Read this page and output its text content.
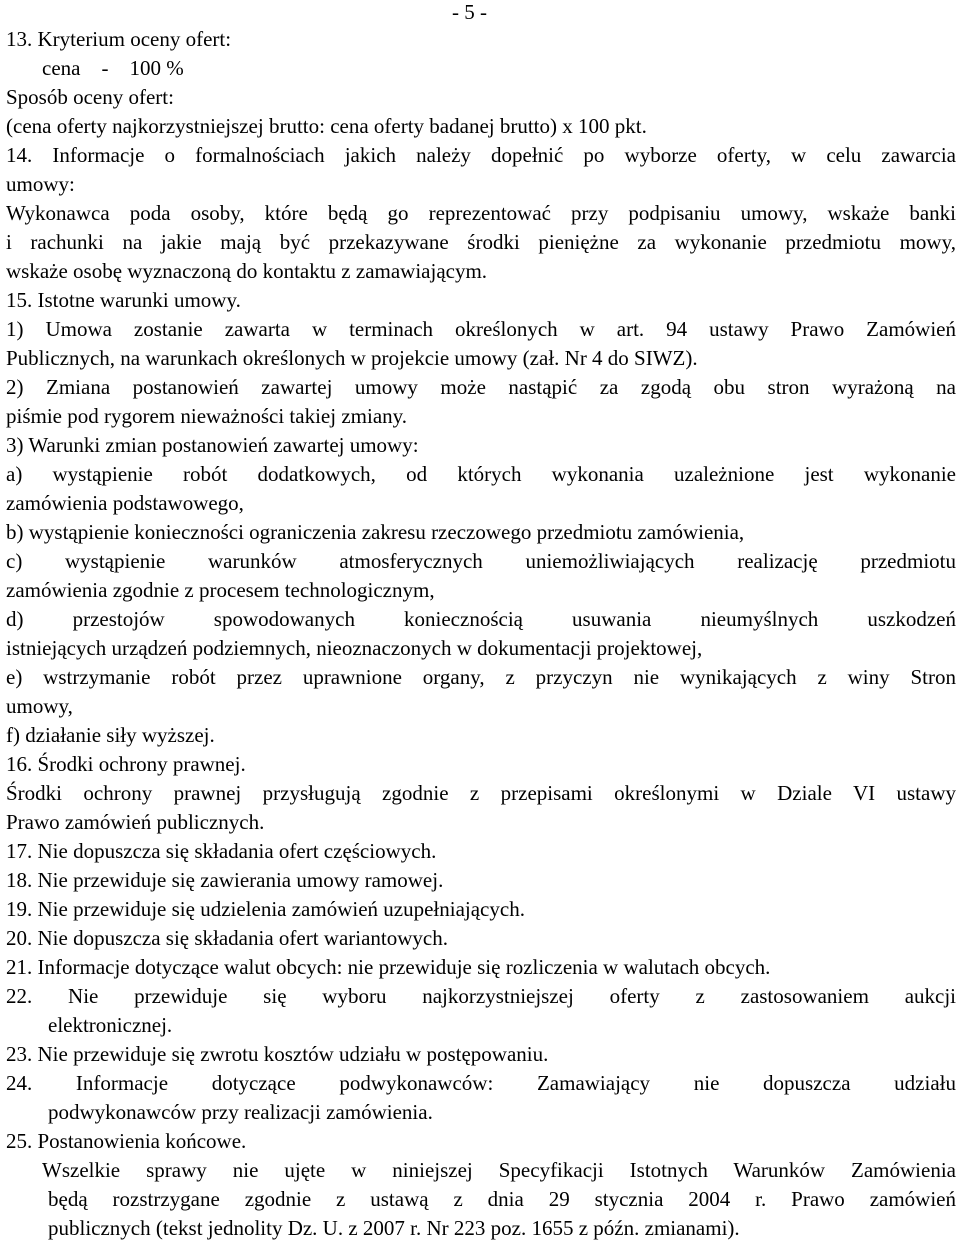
- 5 -

13. Kryterium oceny ofert:

cena    -    100 %

Sposób oceny ofert:

(cena oferty najkorzystniejszej brutto: cena oferty badanej brutto) x 100 pkt.

14. Informacje o formalnościach jakich należy dopełnić po wyborze oferty, w celu zawarcia

umowy:

Wykonawca poda osoby, które będą go reprezentować przy podpisaniu umowy, wskaże banki

i rachunki na jakie mają być przekazywane środki pieniężne za wykonanie przedmiotu mowy,

wskaże osobę wyznaczoną do kontaktu z zamawiającym.

15. Istotne warunki umowy.

1) Umowa zostanie zawarta w terminach określonych w art. 94 ustawy Prawo Zamówień

Publicznych, na warunkach określonych w projekcie umowy (zał. Nr 4 do SIWZ).

2) Zmiana postanowień zawartej umowy może nastąpić za zgodą obu stron wyrażoną na

piśmie pod rygorem nieważności takiej zmiany.

3) Warunki zmian postanowień zawartej umowy:

a) wystąpienie robót dodatkowych, od których wykonania uzależnione jest wykonanie

zamówienia podstawowego,

b) wystąpienie konieczności ograniczenia zakresu rzeczowego przedmiotu zamówienia,

c) wystąpienie warunków atmosferycznych uniemożliwiających realizację przedmiotu

zamówienia zgodnie z procesem technologicznym,

d) przestojów spowodowanych koniecznością usuwania nieumyślnych uszkodzeń

istniejących urządzeń podziemnych, nieoznaczonych w dokumentacji projektowej,

e) wstrzymanie robót przez uprawnione organy, z przyczyn nie wynikających z winy Stron

umowy,

f) działanie siły wyższej.

16. Środki ochrony prawnej.

Środki ochrony prawnej przysługują zgodnie z przepisami określonymi w Dziale VI ustawy

Prawo zamówień publicznych.

17. Nie dopuszcza się składania ofert częściowych.

18. Nie przewiduje się zawierania umowy ramowej.

19. Nie przewiduje się udzielenia zamówień uzupełniających.

20. Nie dopuszcza się składania ofert wariantowych.

21. Informacje dotyczące walut obcych: nie przewiduje się rozliczenia w walutach obcych.

22. Nie przewiduje się wyboru najkorzystniejszej oferty z zastosowaniem aukcji

elektronicznej.

23. Nie przewiduje się zwrotu kosztów udziału w postępowaniu.

24. Informacje dotyczące podwykonawców: Zamawiający nie dopuszcza udziału

podwykonawców przy realizacji zamówienia.

25. Postanowienia końcowe.

Wszelkie sprawy nie ujęte w niniejszej Specyfikacji Istotnych Warunków Zamówienia

będą rozstrzygane zgodnie z ustawą z dnia 29 stycznia 2004 r. Prawo zamówień

publicznych (tekst jednolity Dz. U. z 2007 r. Nr 223 poz. 1655 z późn. zmianami).
